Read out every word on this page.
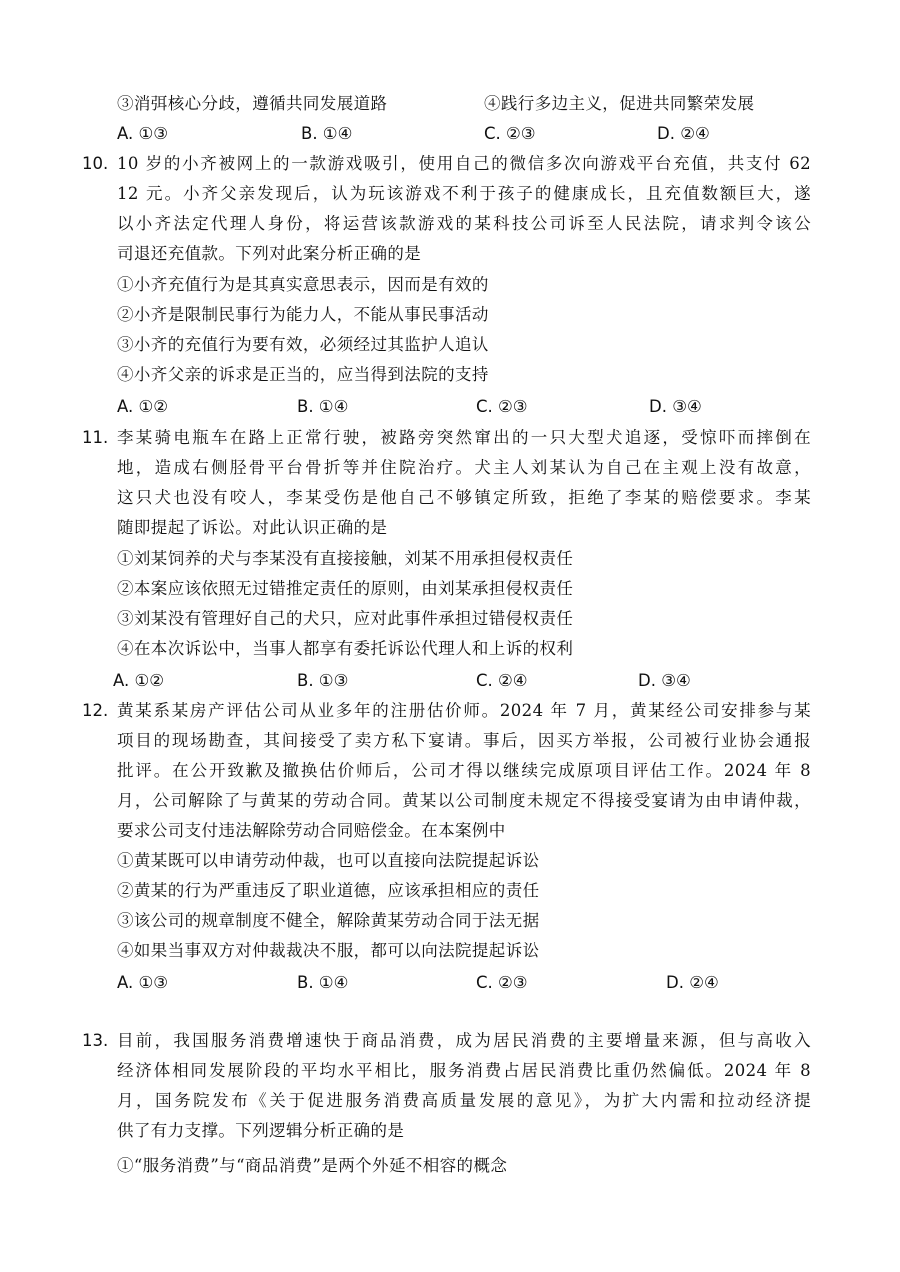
③消弭核心分歧，遵循共同发展道路	④践行多边主义，促进共同繁荣发展
A. ①③	B. ①④	C. ②③	D. ②④
10. 10 岁的小齐被网上的一款游戏吸引，使用自己的微信多次向游戏平台充值，共支付 62
12 元。小齐父亲发现后，认为玩该游戏不利于孩子的健康成长，且充值数额巨大，遂
以小齐法定代理人身份，将运营该款游戏的某科技公司诉至人民法院，请求判令该公
司退还充值款。下列对此案分析正确的是
①小齐充值行为是其真实意思表示，因而是有效的
②小齐是限制民事行为能力人，不能从事民事活动
③小齐的充值行为要有效，必须经过其监护人追认
④小齐父亲的诉求是正当的，应当得到法院的支持
A. ①②	B. ①④	C. ②③	D. ③④
11. 李某骑电瓶车在路上正常行驶，被路旁突然窜出的一只大型犬追逐，受惊吓而摔倒在
地，造成右侧胫骨平台骨折等并住院治疗。犬主人刘某认为自己在主观上没有故意，
这只犬也没有咬人，李某受伤是他自己不够镇定所致，拒绝了李某的赔偿要求。李某
随即提起了诉讼。对此认识正确的是
①刘某饲养的犬与李某没有直接接触，刘某不用承担侵权责任
②本案应该依照无过错推定责任的原则，由刘某承担侵权责任
③刘某没有管理好自己的犬只，应对此事件承担过错侵权责任
④在本次诉讼中，当事人都享有委托诉讼代理人和上诉的权利
A. ①②	B. ①③	C. ②④	D. ③④
12. 黄某系某房产评估公司从业多年的注册估价师。2024 年 7 月，黄某经公司安排参与某
项目的现场勘查，其间接受了卖方私下宴请。事后，因买方举报，公司被行业协会通报
批评。在公开致歉及撤换估价师后，公司才得以继续完成原项目评估工作。2024 年 8
月，公司解除了与黄某的劳动合同。黄某以公司制度未规定不得接受宴请为由申请仲裁，
要求公司支付违法解除劳动合同赔偿金。在本案例中
①黄某既可以申请劳动仲裁，也可以直接向法院提起诉讼
②黄某的行为严重违反了职业道德，应该承担相应的责任
③该公司的规章制度不健全，解除黄某劳动合同于法无据
④如果当事双方对仲裁裁决不服，都可以向法院提起诉讼
A. ①③	B. ①④	C. ②③	D. ②④
13. 目前，我国服务消费增速快于商品消费，成为居民消费的主要增量来源，但与高收入
经济体相同发展阶段的平均水平相比，服务消费占居民消费比重仍然偏低。2024 年 8
月，国务院发布《关于促进服务消费高质量发展的意见》，为扩大内需和拉动经济提
供了有力支撑。下列逻辑分析正确的是
①“服务消费”与“商品消费”是两个外延不相容的概念
